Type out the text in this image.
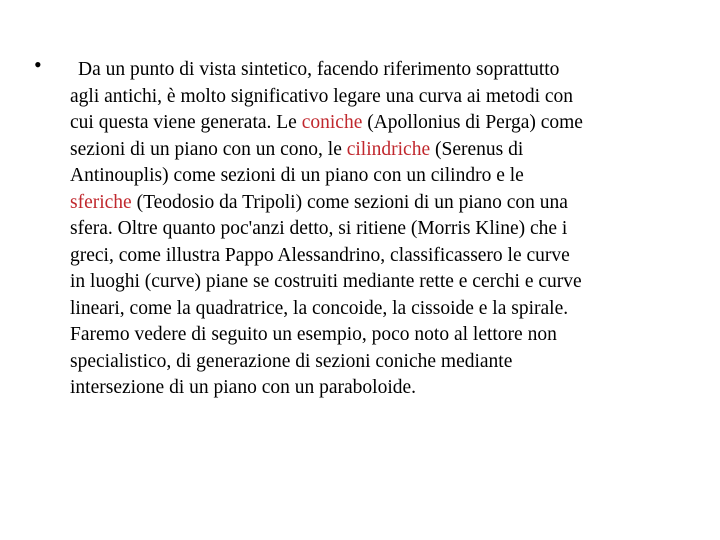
•	Da un punto di vista sintetico, facendo riferimento soprattutto
agli antichi, è molto significativo legare una curva ai metodi con
cui questa viene generata. Le coniche (Apollonius di Perga) come
sezioni di un piano con un cono, le cilindriche (Serenus di
Antinouplis) come sezioni di un piano con un cilindro e le
sferiche (Teodosio da Tripoli) come sezioni di un piano con una
sfera. Oltre quanto poc'anzi detto, si ritiene (Morris Kline) che i
greci, come illustra Pappo Alessandrino, classificassero le curve
in luoghi (curve) piane se costruiti mediante rette e cerchi e curve
lineari, come la quadratrice, la concoide, la cissoide e la spirale.
Faremo vedere di seguito un esempio, poco noto al lettore non
specialistico, di generazione di sezioni coniche mediante
intersezione di un piano con un paraboloide.
